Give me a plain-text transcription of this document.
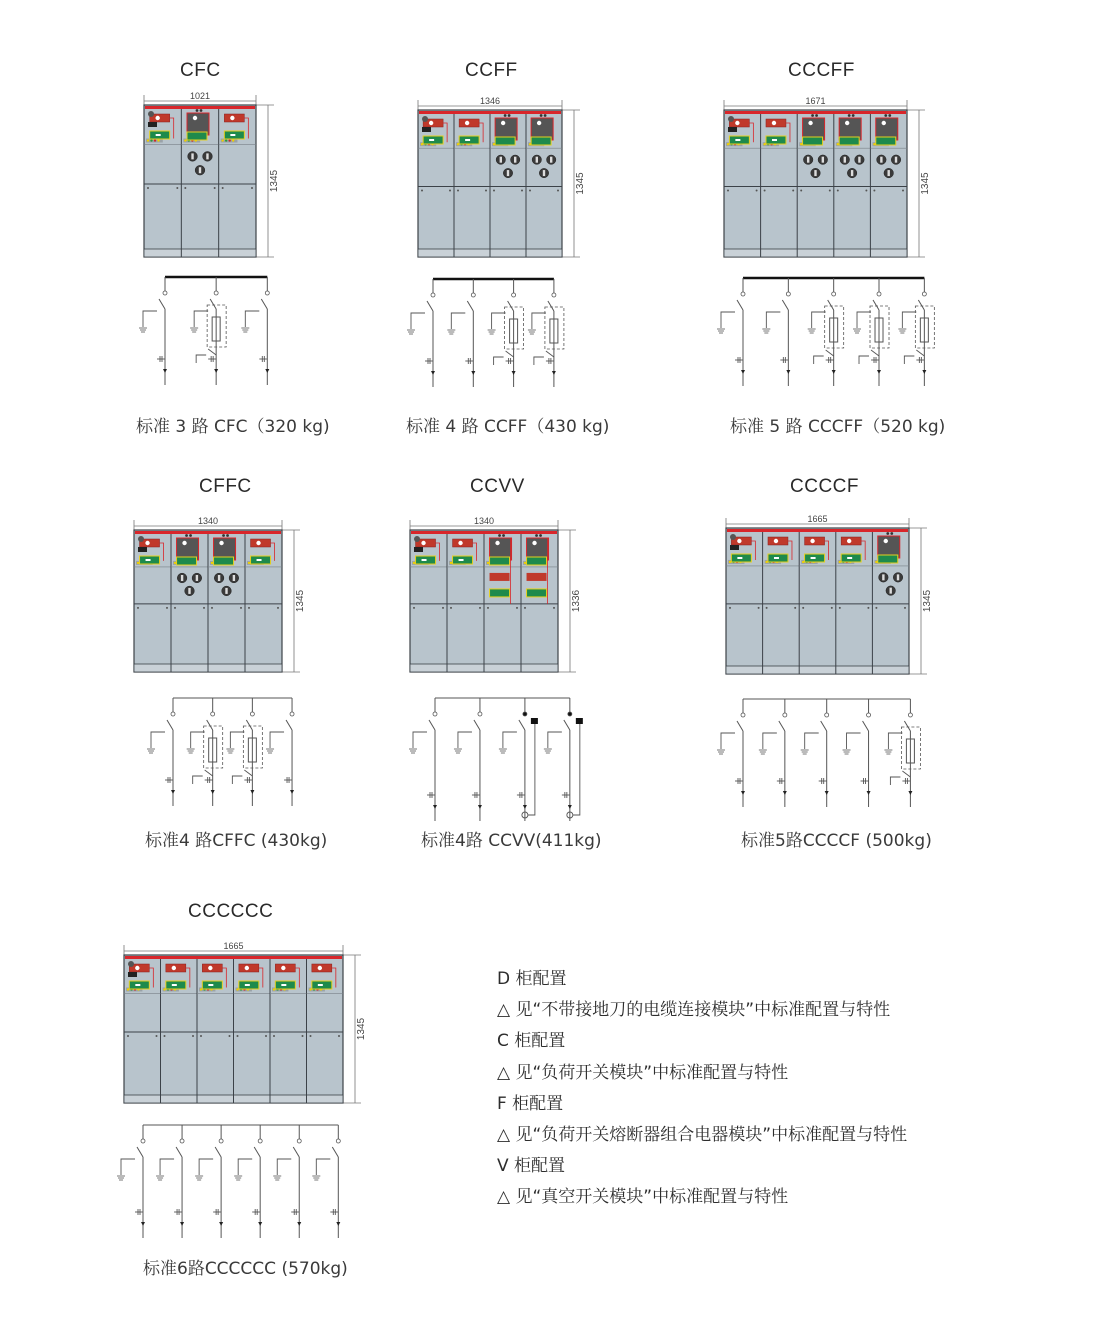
CFC
1021
1345
标准 3 路 CFC（320 kg)
CCFF
1346
1345
标准 4 路 CCFF（430 kg)
CCCFF
1671
1345
标准 5 路 CCCFF（520 kg)
CFFC
1340
1345
标准4 路CFFC (430kg)
CCVV
1340
1336
标准4路 CCVV(411kg)
CCCCF
1665
1345
标准5路CCCCF (500kg)
CCCCCC
1665
1345
标准6路CCCCCC (570kg)
D 柜配置
△ 见“不带接地刀的电缆连接模块”中标准配置与特性
C 柜配置
△ 见“负荷开关模块”中标准配置与特性
F 柜配置
△ 见“负荷开关熔断器组合电器模块”中标准配置与特性
V 柜配置
△ 见“真空开关模块”中标准配置与特性
